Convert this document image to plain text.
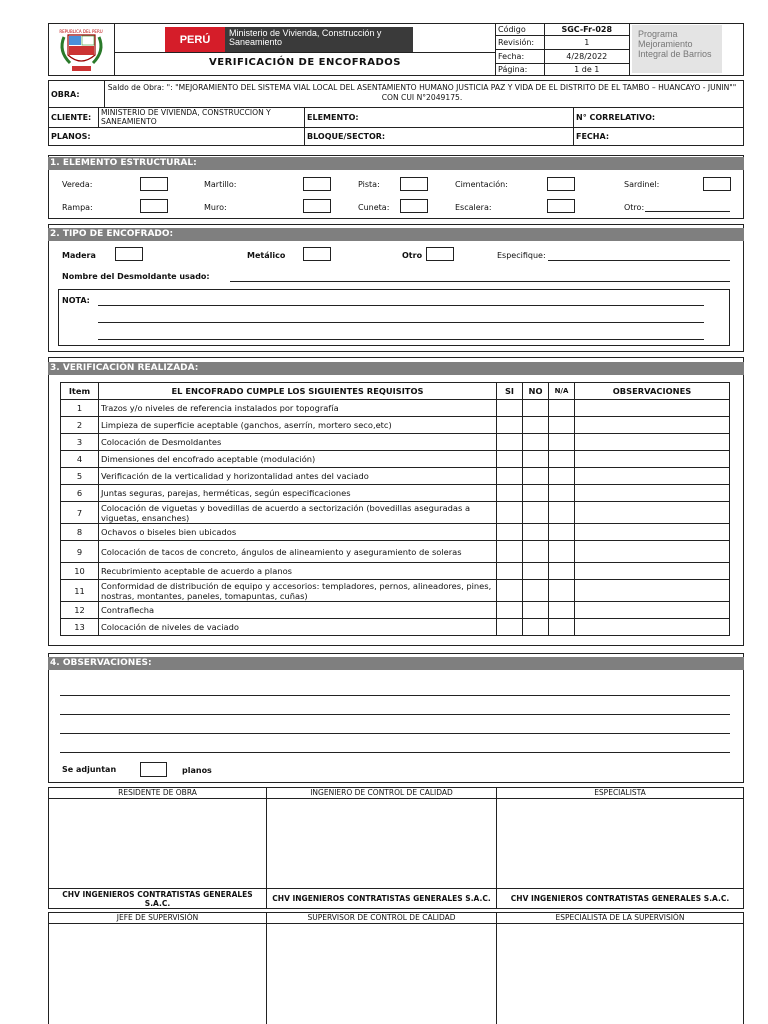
REPUBLICA DEL PERU
PERÚ
Ministerio de Vivienda, Construcción y Saneamiento
VERIFICACIÓN DE ENCOFRADOS
Código	SGC-Fr-028
Revisión:	1
Fecha:	4/28/2022
Página:	1 de 1
Programa Mejoramiento Integral de Barrios
OBRA:
Saldo de Obra: ": "MEJORAMIENTO DEL SISTEMA VIAL LOCAL DEL ASENTAMIENTO HUMANO JUSTICIA PAZ Y VIDA DE EL DISTRITO DE EL TAMBO – HUANCAYO - JUNIN"" CON CUI N°2049175.
CLIENTE:
MINISTERIO DE VIVIENDA, CONSTRUCCION Y SANEAMIENTO	ELEMENTO:	N° CORRELATIVO:
PLANOS:	BLOQUE/SECTOR:	FECHA:
1. ELEMENTO ESTRUCTURAL:
Vereda:	Martillo:	Pista:	Cimentación:	Sardinel:
Rampa:	Muro:	Cuneta:	Escalera:	Otro:
2. TIPO DE ENCOFRADO:
Madera	Metálico	Otro	Especifique:
Nombre del Desmoldante usado:
NOTA:
3. VERIFICACIÓN REALIZADA:
Item	EL ENCOFRADO CUMPLE LOS SIGUIENTES REQUISITOS	SI	NO	N/A	OBSERVACIONES
1	Trazos y/o niveles de referencia instalados por topografía				
2	Limpieza de superficie aceptable (ganchos, aserrín, mortero seco,etc)				
3	Colocación de Desmoldantes				
4	Dimensiones del encofrado aceptable (modulación)				
5	Verificación de la verticalidad y horizontalidad antes del vaciado				
6	Juntas seguras, parejas, herméticas, según especificaciones				
7	Colocación de viguetas y bovedillas de acuerdo a sectorización (bovedillas aseguradas a viguetas, ensanches)				
8	Ochavos o biseles bien ubicados				
9	Colocación de tacos de concreto, ángulos de alineamiento y aseguramiento de soleras				
10	Recubrimiento aceptable de acuerdo a planos				
11	Conformidad de distribución de equipo y accesorios: templadores, pernos, alineadores, pines, nostras, montantes, paneles, tomapuntas, cuñas)				
12	Contraflecha				
13	Colocación de niveles de vaciado				
4. OBSERVACIONES:
Se adjuntan	planos
RESIDENTE DE OBRA	INGENIERO DE CONTROL DE CALIDAD	ESPECIALISTA

CHV INGENIEROS CONTRATISTAS GENERALES S.A.C.	CHV INGENIEROS CONTRATISTAS GENERALES S.A.C.	CHV INGENIEROS CONTRATISTAS GENERALES S.A.C.
JEFE DE SUPERVISIÓN	SUPERVISOR DE CONTROL DE CALIDAD	ESPECIALISTA DE LA SUPERVISIÓN
